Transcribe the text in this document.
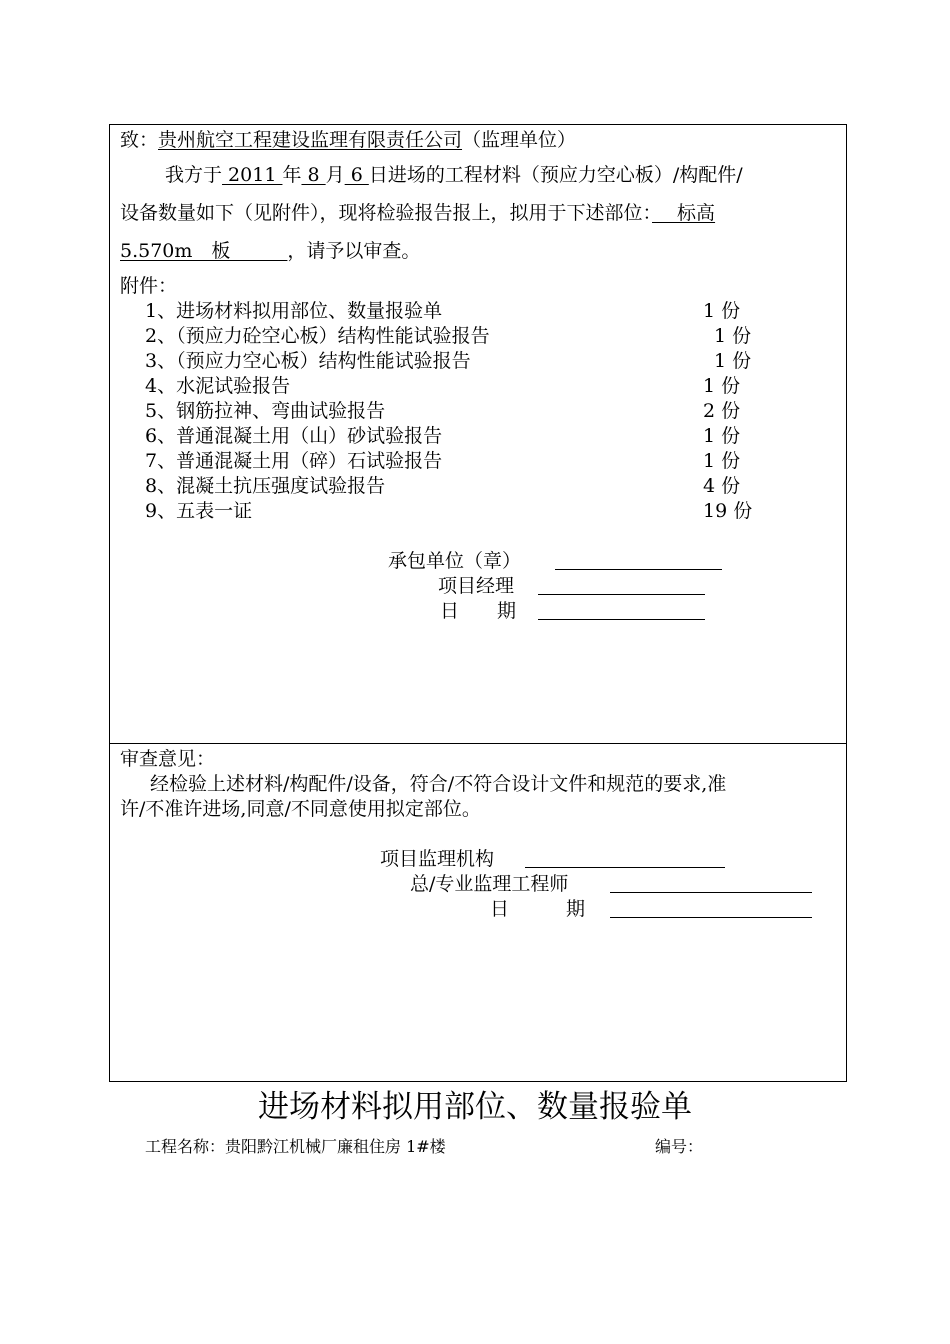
致：贵州航空工程建设监理有限责任公司（监理单位）
我方于 2011 年 8 月 6 日进场的工程材料（预应力空心板）/构配件/
设备数量如下（见附件），现将检验报告报上，拟用于下述部位：　 标高
5.570m　板　　　，请予以审查。
附件：
1、进场材料拟用部位、数量报验单	1 份
2、（预应力砼空心板）结构性能试验报告	1 份
3、（预应力空心板）结构性能试验报告	1 份
4、水泥试验报告	1 份
5、钢筋拉神、弯曲试验报告	2 份
6、普通混凝土用（山）砂试验报告	1 份
7、普通混凝土用（碎）石试验报告	1 份
8、混凝土抗压强度试验报告	4 份
9、五表一证	19 份
承包单位（章）
项目经理
日　　期
审查意见：
经检验上述材料/构配件/设备，符合/不符合设计文件和规范的要求,准
许/不准许进场,同意/不同意使用拟定部位。
项目监理机构
总/专业监理工程师
日　　　期
进场材料拟用部位、数量报验单
工程名称：贵阳黔江机械厂廉租住房 1#楼	编号：
